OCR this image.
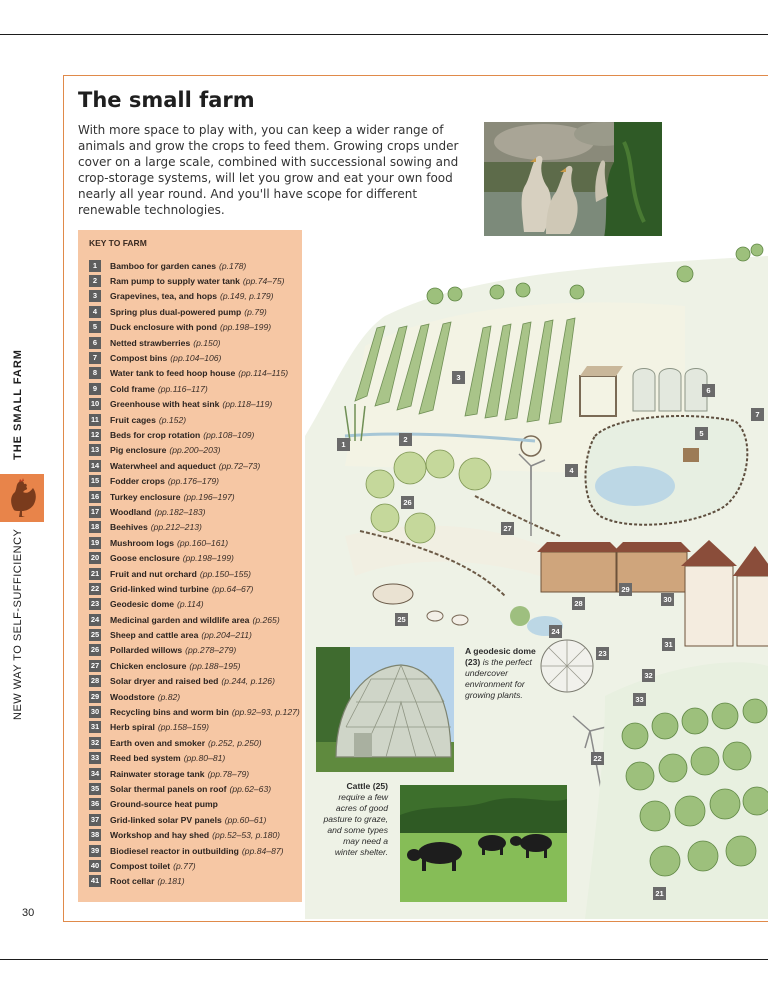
THE SMALL FARM
NEW WAY TO SELF-SUFFICIENCY
30
The small farm

With more space to play with, you can keep a wider range of animals and grow the crops to feed them. Growing crops under cover on a large scale, combined with successional sowing and crop-storage systems, will let you grow and eat your own food nearly all year round. And you'll have scope for different renewable technologies.

KEY TO FARM
1	Bamboo for garden canes (p.178)
2	Ram pump to supply water tank (pp.74–75)
3	Grapevines, tea, and hops (p.149, p.179)
4	Spring plus dual-powered pump (p.79)
5	Duck enclosure with pond (pp.198–199)
6	Netted strawberries (p.150)
7	Compost bins (pp.104–106)
8	Water tank to feed hoop house (pp.114–115)
9	Cold frame (pp.116–117)
10 Greenhouse with heat sink (pp.118–119)
11 Fruit cages (p.152)
12 Beds for crop rotation (pp.108–109)
13 Pig enclosure (pp.200–203)
14 Waterwheel and aqueduct (pp.72–73)
15 Fodder crops (pp.176–179)
16 Turkey enclosure (pp.196–197)
17 Woodland (pp.182–183)
18 Beehives (pp.212–213)
19 Mushroom logs (pp.160–161)
20 Goose enclosure (pp.198–199)
21 Fruit and nut orchard (pp.150–155)
22 Grid-linked wind turbine (pp.64–67)
23 Geodesic dome (p.114)
24 Medicinal garden and wildlife area (p.265)
25 Sheep and cattle area (pp.204–211)
26 Pollarded willows (pp.278–279)
27 Chicken enclosure (pp.188–195)
28 Solar dryer and raised bed (p.244, p.126)
29 Woodstore (p.82)
30 Recycling bins and worm bin (pp.92–93, p.127)
31 Herb spiral (pp.158–159)
32 Earth oven and smoker (p.252, p.250)
33 Reed bed system (pp.80–81)
34 Rainwater storage tank (pp.78–79)
35 Solar thermal panels on roof (pp.62–63)
36 Ground-source heat pump
37 Grid-linked solar PV panels (pp.60–61)
38 Workshop and hay shed (pp.52–53, p.180)
39 Biodiesel reactor in outbuilding (pp.84–87)
40 Compost toilet (p.77)
41 Root cellar (p.181)
1
2
3
4
5
6
7
21
22
23
24
25
26
27
28
29
30
31
32
33
A geodesic dome (23) is the perfect undercover environment for growing plants.
Cattle (25) require a few acres of good pasture to graze, and some types may need a winter shelter.
